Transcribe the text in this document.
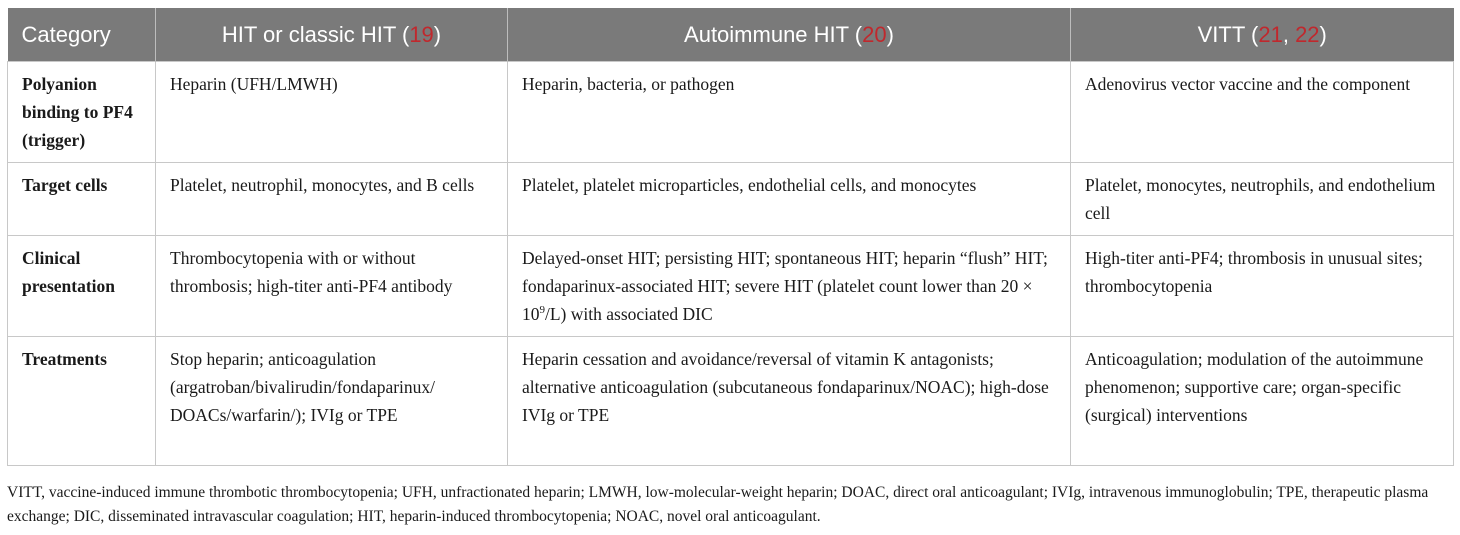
Category	HIT or classic HIT (19)	Autoimmune HIT (20)	VITT (21, 22)
Polyanion binding to PF4 (trigger)	Heparin (UFH/LMWH)	Heparin, bacteria, or pathogen	Adenovirus vector vaccine and the component
Target cells	Platelet, neutrophil, monocytes, and B cells	Platelet, platelet microparticles, endothelial cells, and monocytes	Platelet, monocytes, neutrophils, and endothelium cell
Clinical presentation	Thrombocytopenia with or without thrombosis; high-titer anti-PF4 antibody	Delayed-onset HIT; persisting HIT; spontaneous HIT; heparin “flush” HIT; fondaparinux-associated HIT; severe HIT (platelet count lower than $20 \times 10^9/L$) with associated DIC	High-titer anti-PF4; thrombosis in unusual sites; thrombocytopenia
Treatments	Stop heparin; anticoagulation (argatroban/bivalirudin/fondaparinux/ DOACs/warfarin/); IVIg or TPE	Heparin cessation and avoidance/reversal of vitamin K antagonists; alternative anticoagulation (subcutaneous fondaparinux/NOAC); high-dose IVIg or TPE	Anticoagulation; modulation of the autoimmune phenomenon; supportive care; organ-specific (surgical) interventions
VITT, vaccine-induced immune thrombotic thrombocytopenia; UFH, unfractionated heparin; LMWH, low-molecular-weight heparin; DOAC, direct oral anticoagulant; IVIg, intravenous immunoglobulin; TPE, therapeutic plasma exchange; DIC, disseminated intravascular coagulation; HIT, heparin-induced thrombocytopenia; NOAC, novel oral anticoagulant.
